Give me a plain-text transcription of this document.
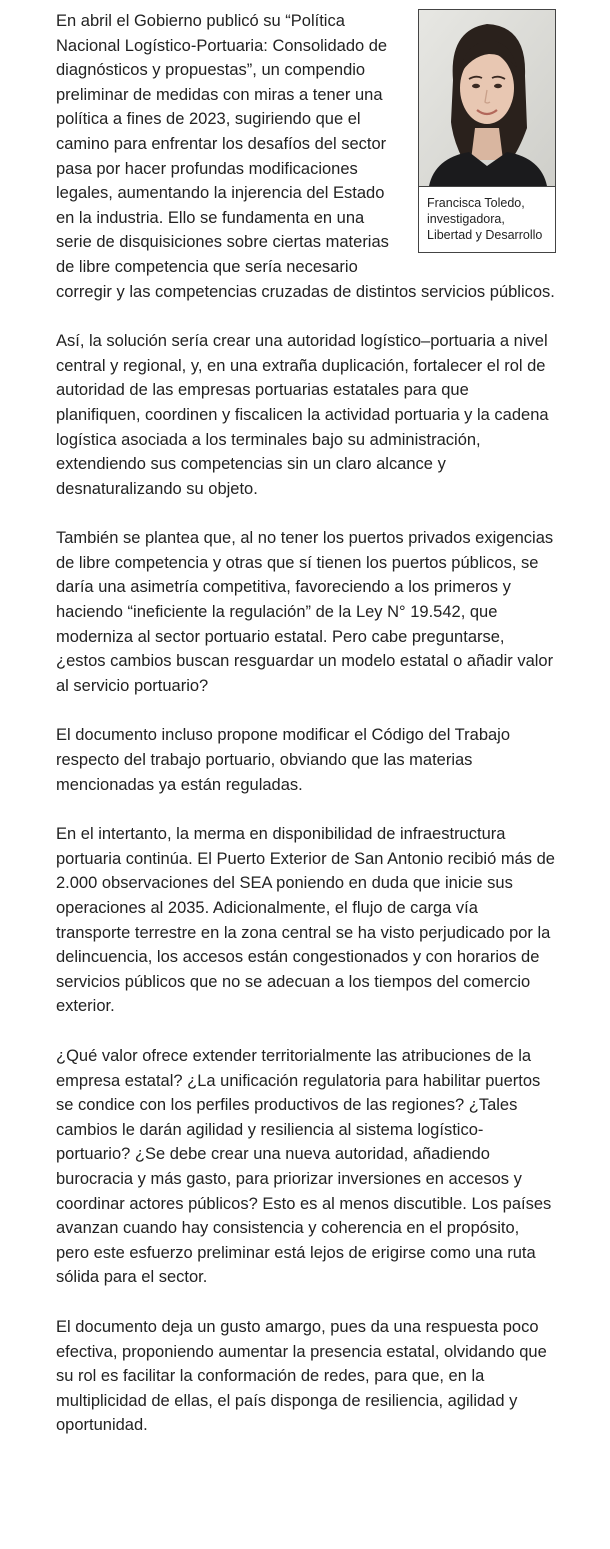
Francisca Toledo, investigadora, Libertad y Desarrollo

En abril el Gobierno publicó su “Política Nacional Logístico-Portuaria: Consolidado de diagnósticos y propuestas”, un compendio preliminar de medidas con miras a tener una política a fines de 2023, sugiriendo que el camino para enfrentar los desafíos del sector pasa por hacer profundas modificaciones legales, aumentando la injerencia del Estado en la industria. Ello se fundamenta en una serie de disquisiciones sobre ciertas materias de libre competencia que sería necesario corregir y las competencias cruzadas de distintos servicios públicos.

Así, la solución sería crear una autoridad logístico–portuaria a nivel central y regional, y, en una extraña duplicación, fortalecer el rol de autoridad de las empresas portuarias estatales para que planifiquen, coordinen y fiscalicen la actividad portuaria y la cadena logística asociada a los terminales bajo su administración, extendiendo sus competencias sin un claro alcance y desnaturalizando su objeto.

También se plantea que, al no tener los puertos privados exigencias de libre competencia y otras que sí tienen los puertos públicos, se daría una asimetría competitiva, favoreciendo a los primeros y haciendo “ineficiente la regulación” de la Ley N° 19.542, que moderniza al sector portuario estatal. Pero cabe preguntarse, ¿estos cambios buscan resguardar un modelo estatal o añadir valor al servicio portuario?

El documento incluso propone modificar el Código del Trabajo respecto del trabajo portuario, obviando que las materias mencionadas ya están reguladas.

En el intertanto, la merma en disponibilidad de infraestructura portuaria continúa. El Puerto Exterior de San Antonio recibió más de 2.000 observaciones del SEA poniendo en duda que inicie sus operaciones al 2035. Adicionalmente, el flujo de carga vía transporte terrestre en la zona central se ha visto perjudicado por la delincuencia, los accesos están congestionados y con horarios de servicios públicos que no se adecuan a los tiempos del comercio exterior.

¿Qué valor ofrece extender territorialmente las atribuciones de la empresa estatal? ¿La unificación regulatoria para habilitar puertos se condice con los perfiles productivos de las regiones? ¿Tales cambios le darán agilidad y resiliencia al sistema logístico-portuario? ¿Se debe crear una nueva autoridad, añadiendo burocracia y más gasto, para priorizar inversiones en accesos y coordinar actores públicos? Esto es al menos discutible. Los países avanzan cuando hay consistencia y coherencia en el propósito, pero este esfuerzo preliminar está lejos de erigirse como una ruta sólida para el sector.

El documento deja un gusto amargo, pues da una respuesta poco efectiva, proponiendo aumentar la presencia estatal, olvidando que su rol es facilitar la conformación de redes, para que, en la multiplicidad de ellas, el país disponga de resiliencia, agilidad y oportunidad.
